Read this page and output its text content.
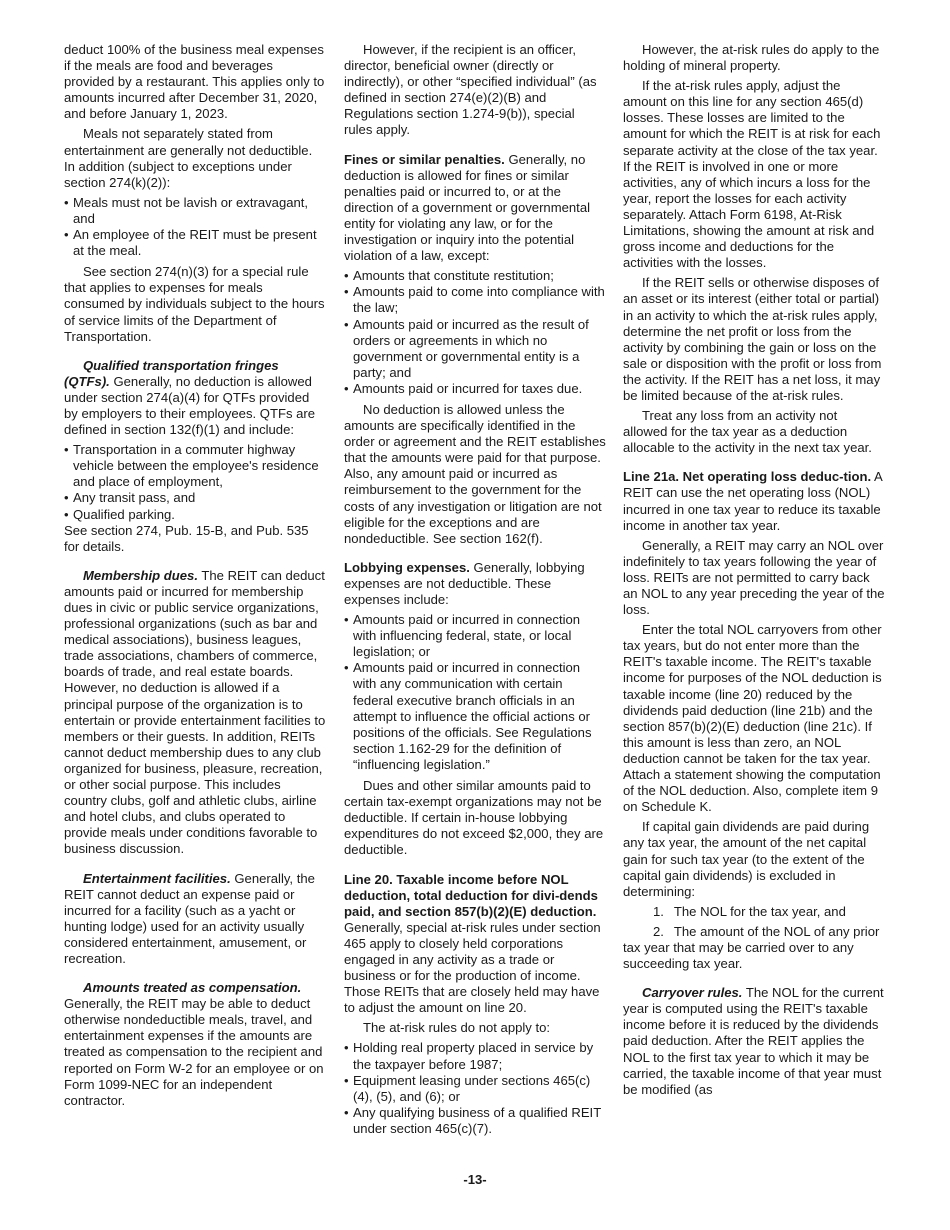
deduct 100% of the business meal expenses if the meals are food and beverages provided by a restaurant. This applies only to amounts incurred after December 31, 2020, and before January 1, 2023.

Meals not separately stated from entertainment are generally not deductible. In addition (subject to exceptions under section 274(k)(2)):

• Meals must not be lavish or extravagant, and

• An employee of the REIT must be present at the meal.

See section 274(n)(3) for a special rule that applies to expenses for meals consumed by individuals subject to the hours of service limits of the Department of Transportation.

Qualified transportation fringes (QTFs). Generally, no deduction is allowed under section 274(a)(4) for QTFs provided by employers to their employees. QTFs are defined in section 132(f)(1) and include:

• Transportation in a commuter highway vehicle between the employee's residence and place of employment,

• Any transit pass, and

• Qualified parking.

See section 274, Pub. 15-B, and Pub. 535 for details.

Membership dues. The REIT can deduct amounts paid or incurred for membership dues in civic or public service organizations, professional organizations (such as bar and medical associations), business leagues, trade associations, chambers of commerce, boards of trade, and real estate boards. However, no deduction is allowed if a principal purpose of the organization is to entertain or provide entertainment facilities to members or their guests. In addition, REITs cannot deduct membership dues to any club organized for business, pleasure, recreation, or other social purpose. This includes country clubs, golf and athletic clubs, airline and hotel clubs, and clubs operated to provide meals under conditions favorable to business discussion.

Entertainment facilities. Generally, the REIT cannot deduct an expense paid or incurred for a facility (such as a yacht or hunting lodge) used for an activity usually considered entertainment, amusement, or recreation.

Amounts treated as compensation. Generally, the REIT may be able to deduct otherwise nondeductible meals, travel, and entertainment expenses if the amounts are treated as compensation to the recipient and reported on Form W-2 for an employee or on Form 1099-NEC for an independent contractor.

However, if the recipient is an officer, director, beneficial owner (directly or indirectly), or other “specified individual” (as defined in section 274(e)(2)(B) and Regulations section 1.274-9(b)), special rules apply.

Fines or similar penalties. Generally, no deduction is allowed for fines or similar penalties paid or incurred to, or at the direction of a government or governmental entity for violating any law, or for the investigation or inquiry into the potential violation of a law, except:

• Amounts that constitute restitution;

• Amounts paid to come into compliance with the law;

• Amounts paid or incurred as the result of orders or agreements in which no government or governmental entity is a party; and

• Amounts paid or incurred for taxes due.

No deduction is allowed unless the amounts are specifically identified in the order or agreement and the REIT establishes that the amounts were paid for that purpose. Also, any amount paid or incurred as reimbursement to the government for the costs of any investigation or litigation are not eligible for the exceptions and are nondeductible. See section 162(f).

Lobbying expenses. Generally, lobbying expenses are not deductible. These expenses include:

• Amounts paid or incurred in connection with influencing federal, state, or local legislation; or

• Amounts paid or incurred in connection with any communication with certain federal executive branch officials in an attempt to influence the official actions or positions of the officials. See Regulations section 1.162-29 for the definition of “influencing legislation.”

Dues and other similar amounts paid to certain tax-exempt organizations may not be deductible. If certain in-house lobbying expenditures do not exceed $2,000, they are deductible.

Line 20. Taxable income before NOL deduction, total deduction for divi-dends paid, and section 857(b)(2)(E) deduction. Generally, special at-risk rules under section 465 apply to closely held corporations engaged in any activity as a trade or business or for the production of income. Those REITs that are closely held may have to adjust the amount on line 20.

The at-risk rules do not apply to:

• Holding real property placed in service by the taxpayer before 1987;

• Equipment leasing under sections 465(c)(4), (5), and (6); or

• Any qualifying business of a qualified REIT under section 465(c)(7).

However, the at-risk rules do apply to the holding of mineral property.

If the at-risk rules apply, adjust the amount on this line for any section 465(d) losses. These losses are limited to the amount for which the REIT is at risk for each separate activity at the close of the tax year. If the REIT is involved in one or more activities, any of which incurs a loss for the year, report the losses for each activity separately. Attach Form 6198, At-Risk Limitations, showing the amount at risk and gross income and deductions for the activities with the losses.

If the REIT sells or otherwise disposes of an asset or its interest (either total or partial) in an activity to which the at-risk rules apply, determine the net profit or loss from the activity by combining the gain or loss on the sale or disposition with the profit or loss from the activity. If the REIT has a net loss, it may be limited because of the at-risk rules.

Treat any loss from an activity not allowed for the tax year as a deduction allocable to the activity in the next tax year.

Line 21a. Net operating loss deduc-tion. A REIT can use the net operating loss (NOL) incurred in one tax year to reduce its taxable income in another tax year.

Generally, a REIT may carry an NOL over indefinitely to tax years following the year of loss. REITs are not permitted to carry back an NOL to any year preceding the year of the loss.

Enter the total NOL carryovers from other tax years, but do not enter more than the REIT's taxable income. The REIT's taxable income for purposes of the NOL deduction is taxable income (line 20) reduced by the dividends paid deduction (line 21b) and the section 857(b)(2)(E) deduction (line 21c). If this amount is less than zero, an NOL deduction cannot be taken for the tax year. Attach a statement showing the computation of the NOL deduction. Also, complete item 9 on Schedule K.

If capital gain dividends are paid during any tax year, the amount of the net capital gain for such tax year (to the extent of the capital gain dividends) is excluded in determining:

1.  The NOL for the tax year, and

2.  The amount of the NOL of any prior tax year that may be carried over to any succeeding tax year.

Carryover rules. The NOL for the current year is computed using the REIT's taxable income before it is reduced by the dividends paid deduction. After the REIT applies the NOL to the first tax year to which it may be carried, the taxable income of that year must be modified (as

-13-
